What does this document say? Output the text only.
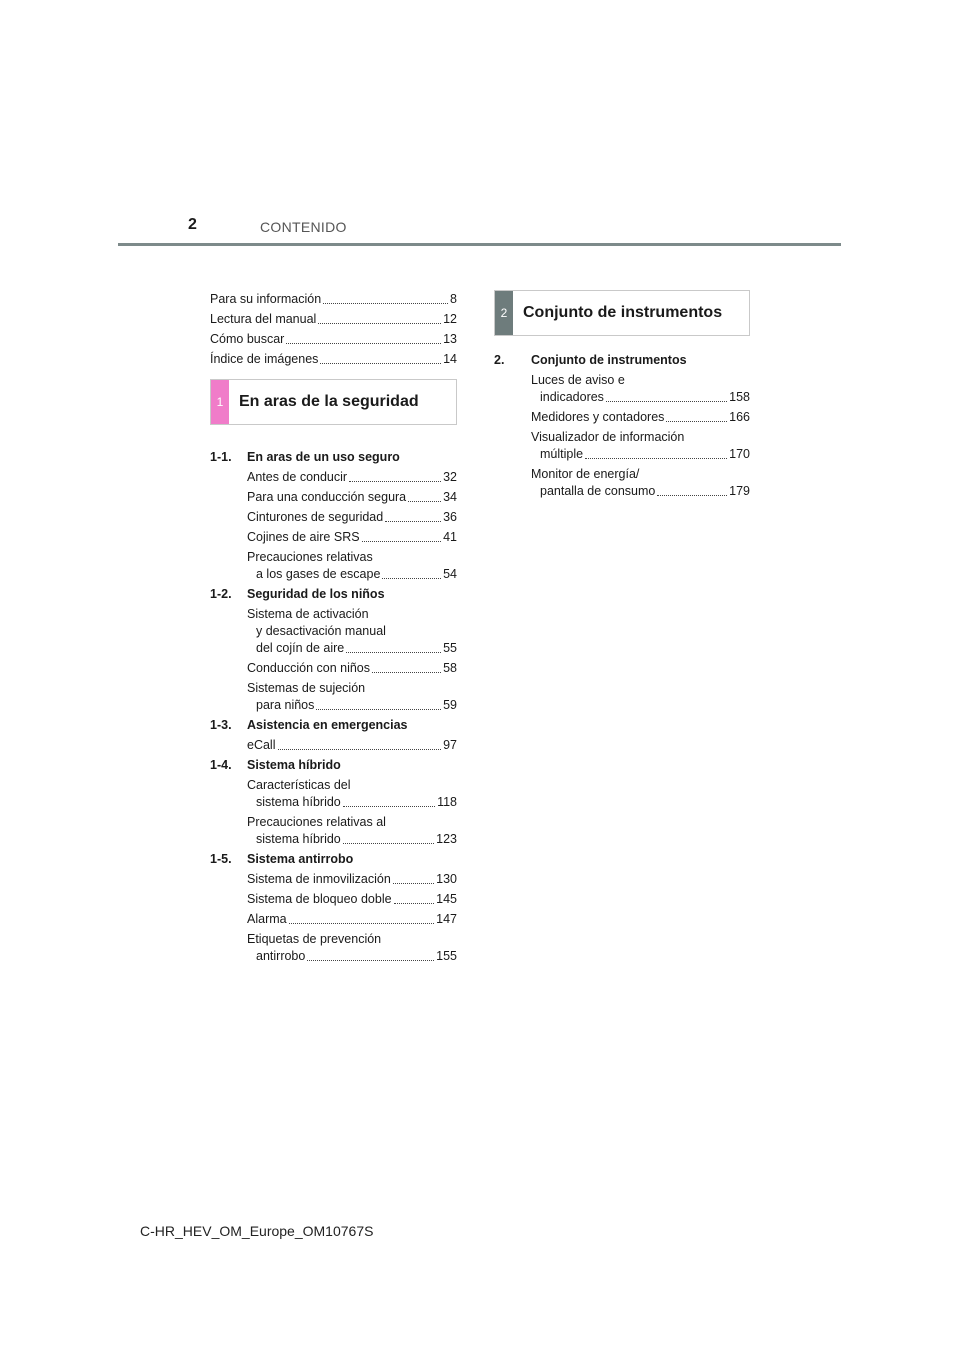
2	CONTENIDO
Para su información	8
Lectura del manual	12
Cómo buscar	13
Índice de imágenes	14
1 En aras de la seguridad
1-1.	En aras de un uso seguro
Antes de conducir	32
Para una conducción segura	34
Cinturones de seguridad	36
Cojines de aire SRS	41
Precauciones relativas
a los gases de escape	54
1-2.	Seguridad de los niños
Sistema de activación
y desactivación manual
del cojín de aire	55
Conducción con niños	58
Sistemas de sujeción
para niños	59
1-3.	Asistencia en emergencias
eCall	97
1-4.	Sistema híbrido
Características del
sistema híbrido	118
Precauciones relativas al
sistema híbrido	123
1-5.	Sistema antirrobo
Sistema de inmovilización	130
Sistema de bloqueo doble	145
Alarma	147
Etiquetas de prevención
antirrobo	155
2 Conjunto de instrumentos
2.	Conjunto de instrumentos
Luces de aviso e
indicadores	158
Medidores y contadores	166
Visualizador de información
múltiple	170
Monitor de energía/
pantalla de consumo	179
C-HR_HEV_OM_Europe_OM10767S
